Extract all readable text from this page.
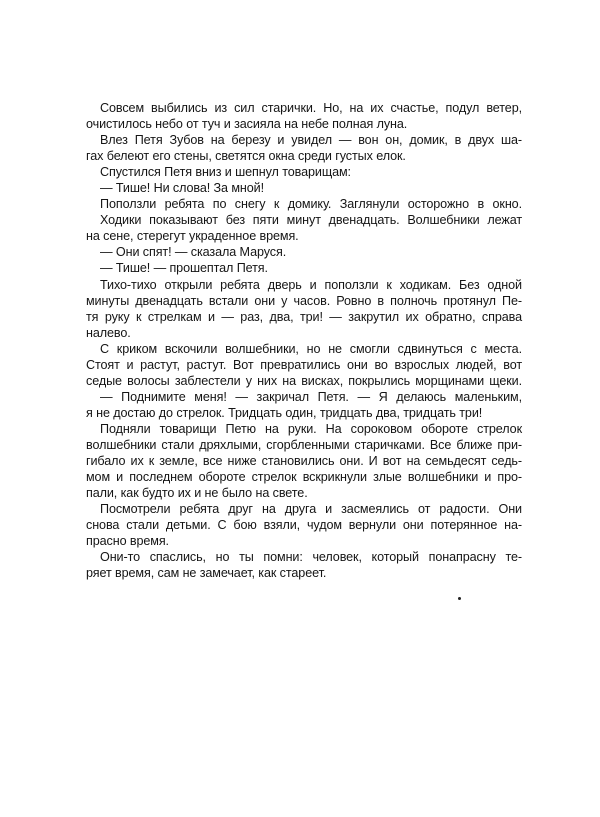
Совсем выбились из сил старички. Но, на их счастье, подул ветер,
очистилось небо от туч и засияла на небе полная луна.
Влез Петя Зубов на березу и увидел — вон он, домик, в двух ша-
гах белеют его стены, светятся окна среди густых елок.
Спустился Петя вниз и шепнул товарищам:
— Тише! Ни слова! За мной!
Поползли ребята по снегу к домику. Заглянули осторожно в окно.
Ходики показывают без пяти минут двенадцать. Волшебники лежат
на сене, стерегут украденное время.
— Они спят! — сказала Маруся.
— Тише! — прошептал Петя.
Тихо-тихо открыли ребята дверь и поползли к ходикам. Без одной
минуты двенадцать встали они у часов. Ровно в полночь протянул Пе-
тя руку к стрелкам и — раз, два, три! — закрутил их обратно, справа
налево.
С криком вскочили волшебники, но не смогли сдвинуться с места.
Стоят и растут, растут. Вот превратились они во взрослых людей, вот
седые волосы заблестели у них на висках, покрылись морщинами щеки.
— Поднимите меня! — закричал Петя. — Я делаюсь маленьким,
я не достаю до стрелок. Тридцать один, тридцать два, тридцать три!
Подняли товарищи Петю на руки. На сороковом обороте стрелок
волшебники стали дряхлыми, сгорбленными старичками. Все ближе при-
гибало их к земле, все ниже становились они. И вот на семьдесят седь-
мом и последнем обороте стрелок вскрикнули злые волшебники и про-
пали, как будто их и не было на свете.
Посмотрели ребята друг на друга и засмеялись от радости. Они
снова стали детьми. С бою взяли, чудом вернули они потерянное на-
прасно время.
Они-то спаслись, но ты помни: человек, который понапрасну те-
ряет время, сам не замечает, как стареет.
